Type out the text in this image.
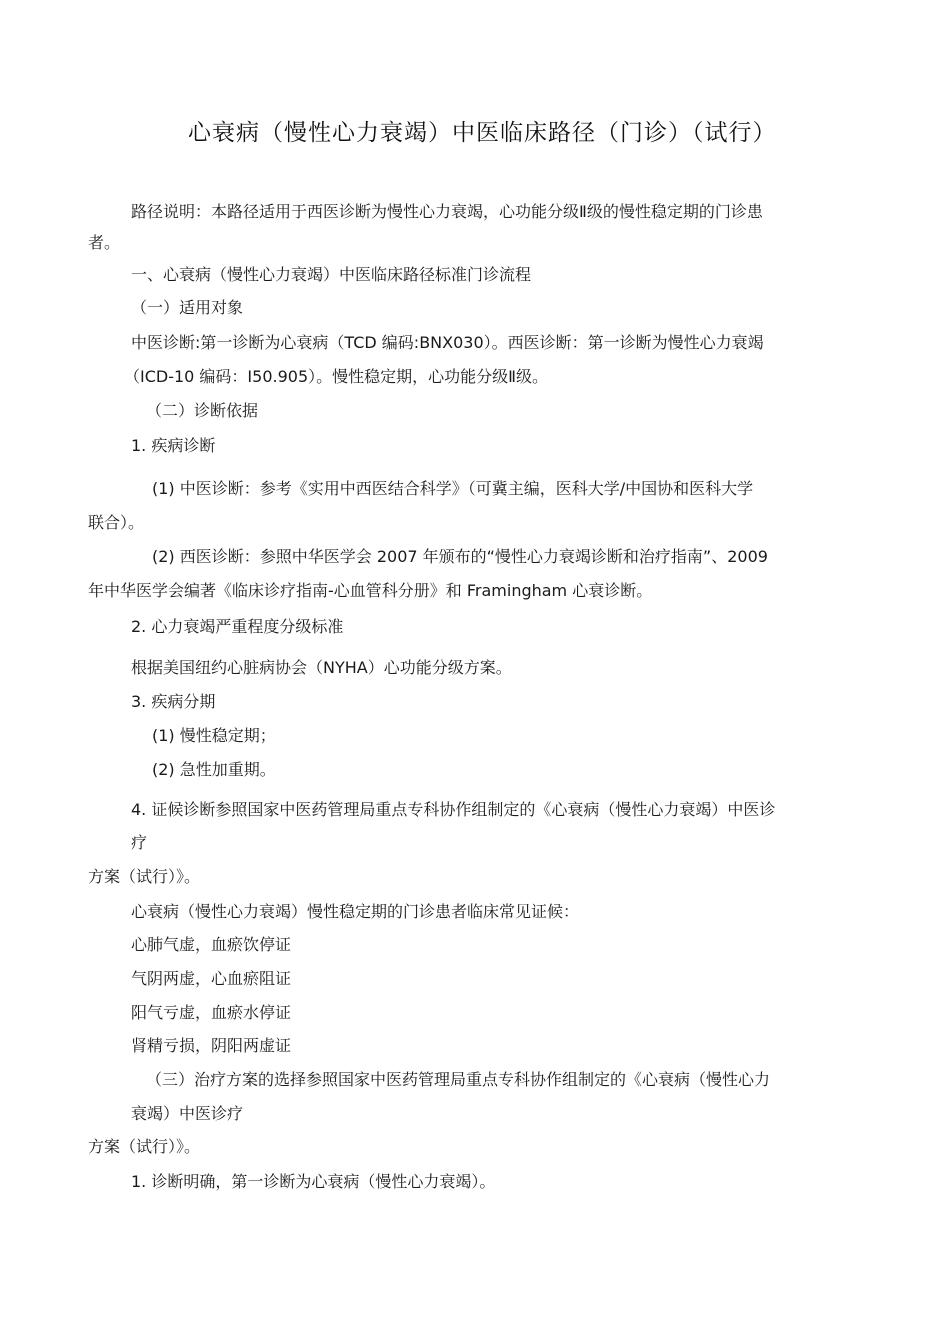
心衰病（慢性心力衰竭）中医临床路径（门诊）（试行）
路径说明：本路径适用于西医诊断为慢性心力衰竭，心功能分级Ⅱ级的慢性稳定期的门诊患
者。
一、心衰病（慢性心力衰竭）中医临床路径标准门诊流程
（一）适用对象
中医诊断:第一诊断为心衰病（TCD 编码:BNX030）。西医诊断：第一诊断为慢性心力衰竭
（ICD-10 编码：I50.905）。慢性稳定期，心功能分级Ⅱ级。
（二）诊断依据
1. 疾病诊断
(1) 中医诊断：参考《实用中西医结合科学》（可冀主编，医科大学/中国协和医科大学
联合）。
(2) 西医诊断：参照中华医学会 2007 年颁布的“慢性心力衰竭诊断和治疗指南”、2009
年中华医学会编著《临床诊疗指南-心血管科分册》和 Framingham 心衰诊断。
2. 心力衰竭严重程度分级标准
根据美国纽约心脏病协会（NYHA）心功能分级方案。
3. 疾病分期
(1) 慢性稳定期；
(2) 急性加重期。
4. 证候诊断参照国家中医药管理局重点专科协作组制定的《心衰病（慢性心力衰竭）中医诊
疗
方案（试行）》。
心衰病（慢性心力衰竭）慢性稳定期的门诊患者临床常见证候：
心肺气虚，血瘀饮停证
气阴两虚，心血瘀阻证
阳气亏虚，血瘀水停证
肾精亏损，阴阳两虚证
（三）治疗方案的选择参照国家中医药管理局重点专科协作组制定的《心衰病（慢性心力
衰竭）中医诊疗
方案（试行）》。
1. 诊断明确，第一诊断为心衰病（慢性心力衰竭）。
